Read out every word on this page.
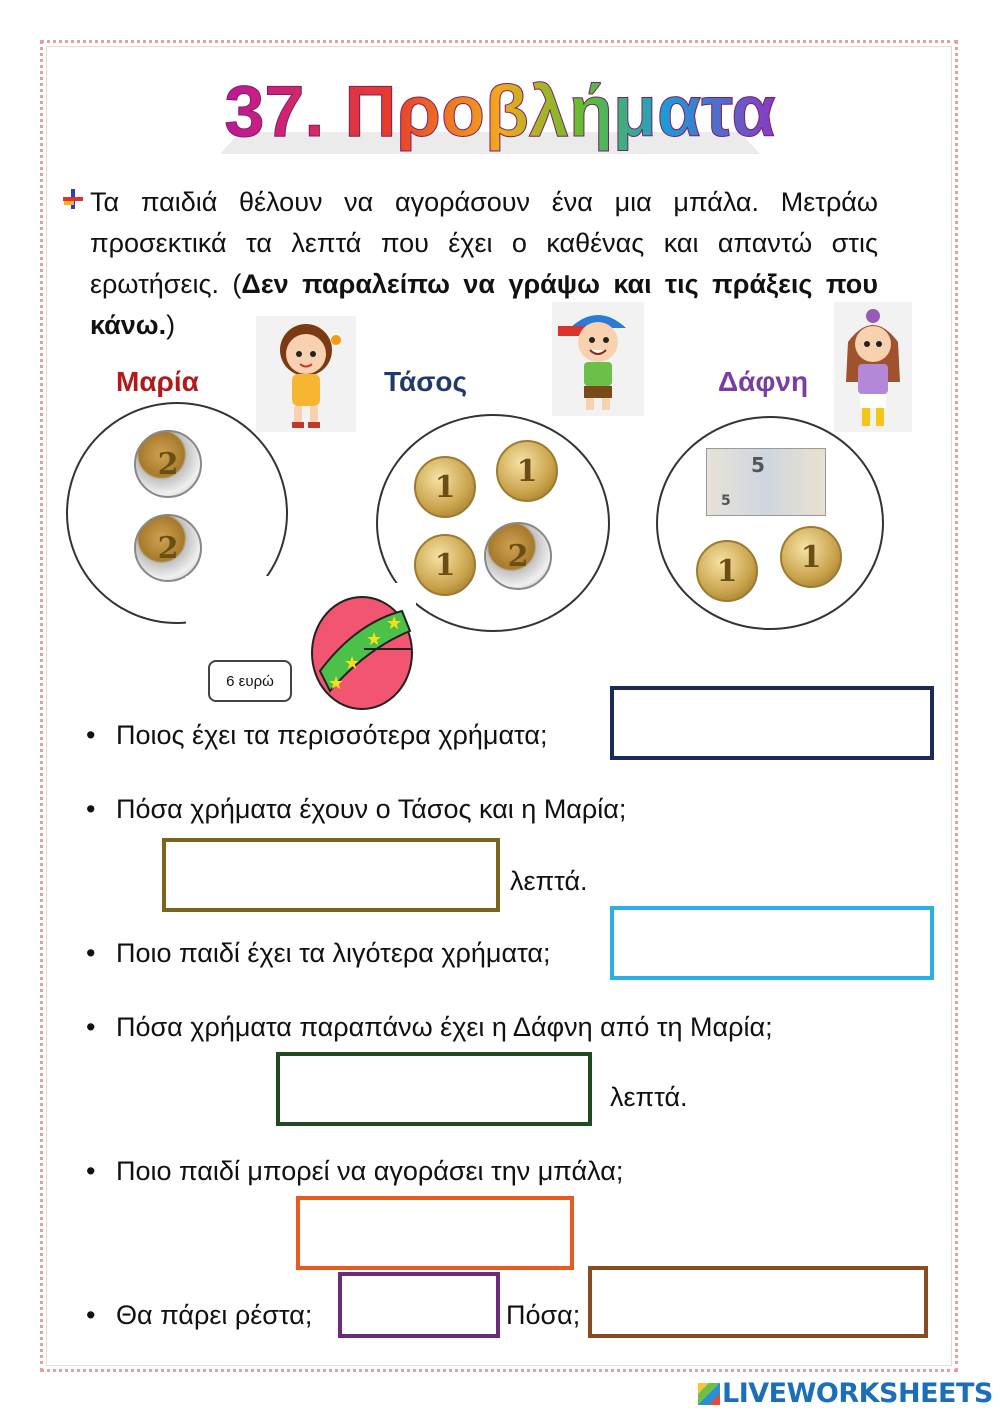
37. Προβλήματα
Τα παιδιά θέλουν να αγοράσουν ένα μια μπάλα. Μετράω προσεκτικά τα λεπτά που έχει ο καθένας και απαντώ στις ερωτήσεις. (Δεν παραλείπω να γράψω και τις πράξεις που κάνω.)
Μαρία
2
2
Τάσος
1	1
1	2
Δάφνη
5
5
1	1
★
★
★
★
6 ευρώ
• Ποιος έχει τα περισσότερα χρήματα;
• Πόσα χρήματα έχουν ο Τάσος και η Μαρία;
λεπτά.
• Ποιο παιδί έχει τα λιγότερα χρήματα;
• Πόσα χρήματα παραπάνω έχει η Δάφνη από τη Μαρία;
λεπτά.
• Ποιο παιδί μπορεί να αγοράσει την μπάλα;
• Θα πάρει ρέστα;	Πόσα;
LIVEWORKSHEETS
